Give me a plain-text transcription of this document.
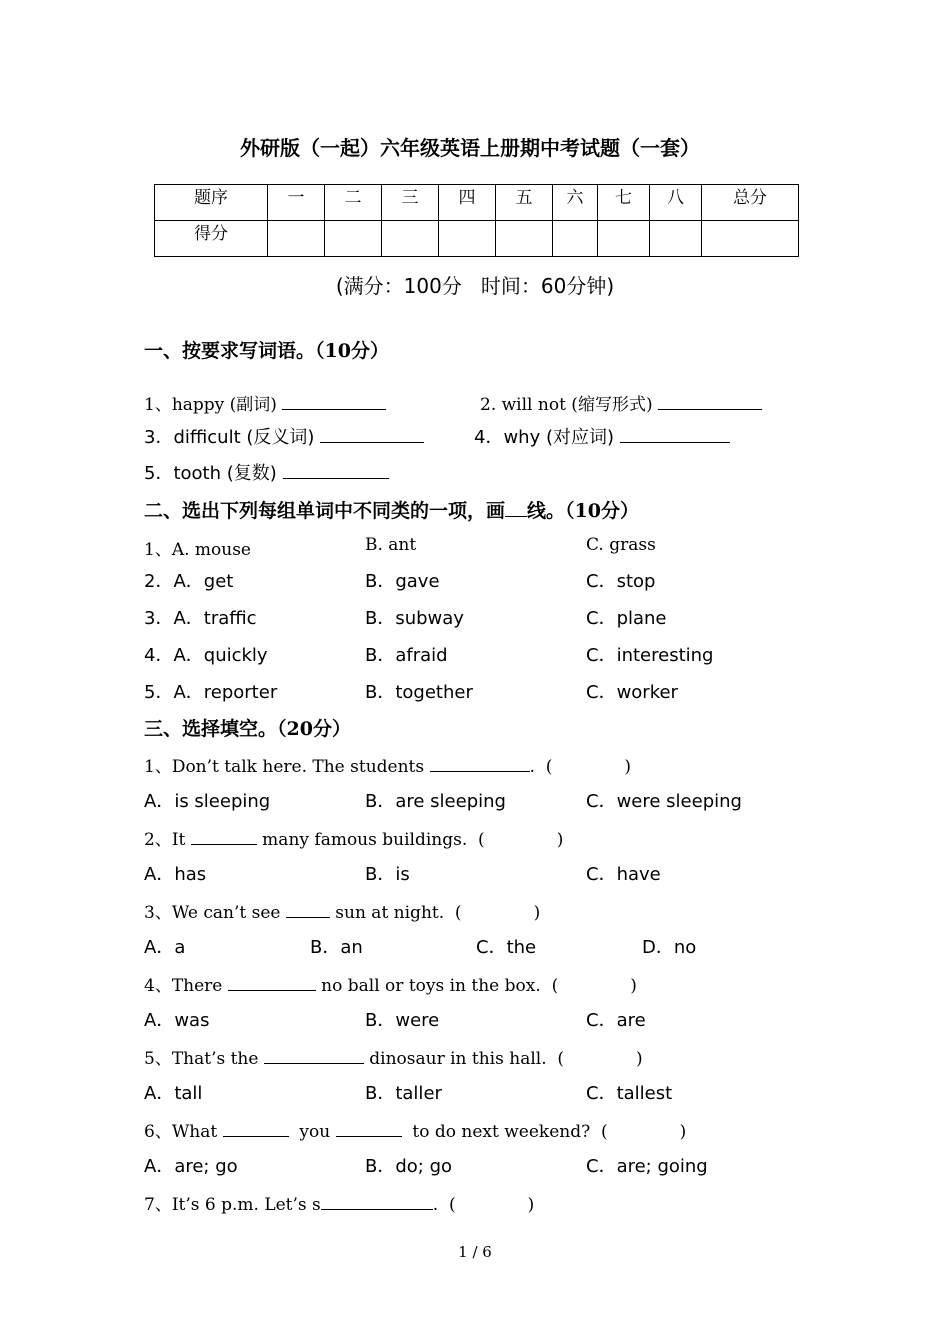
外研版（一起）六年级英语上册期中考试题（一套）
题序	一	二	三	四	五	六	七	八	总分
得分									
(满分：100分   时间：60分钟)
一、按要求写词语。（10分）
1、happy (副词)	2. will not (缩写形式)
3．difficult (反义词)	4．why (对应词)
5．tooth (复数)
二、选出下列每组单词中不同类的一项，画 线。（10分）
1、A. mouse	B. ant	C. grass
2．A．get	B．gave	C．stop
3．A．traffic	B．subway	C．plane
4．A．quickly	B．afraid	C．interesting
5．A．reporter	B．together	C．worker
三、选择填空。（20分）
1、Don’t talk here. The students	.  (	)
A．is sleeping	B．are sleeping	C．were sleeping
2、It	many famous buildings.  (	)
A．has	B．is	C．have
3、We can’t see	sun at night.  (	)
A．a	B．an	C．the	D．no
4、There	no ball or toys in the box.  (	)
A．was	B．were	C．are
5、That’s the	dinosaur in this hall.  (	)
A．tall	B．taller	C．tallest
6、What	you	to do next weekend?  (	)
A．are; go	B．do; go	C．are; going
7、It’s 6 p.m. Let’s s	.  (	)
1 / 6
